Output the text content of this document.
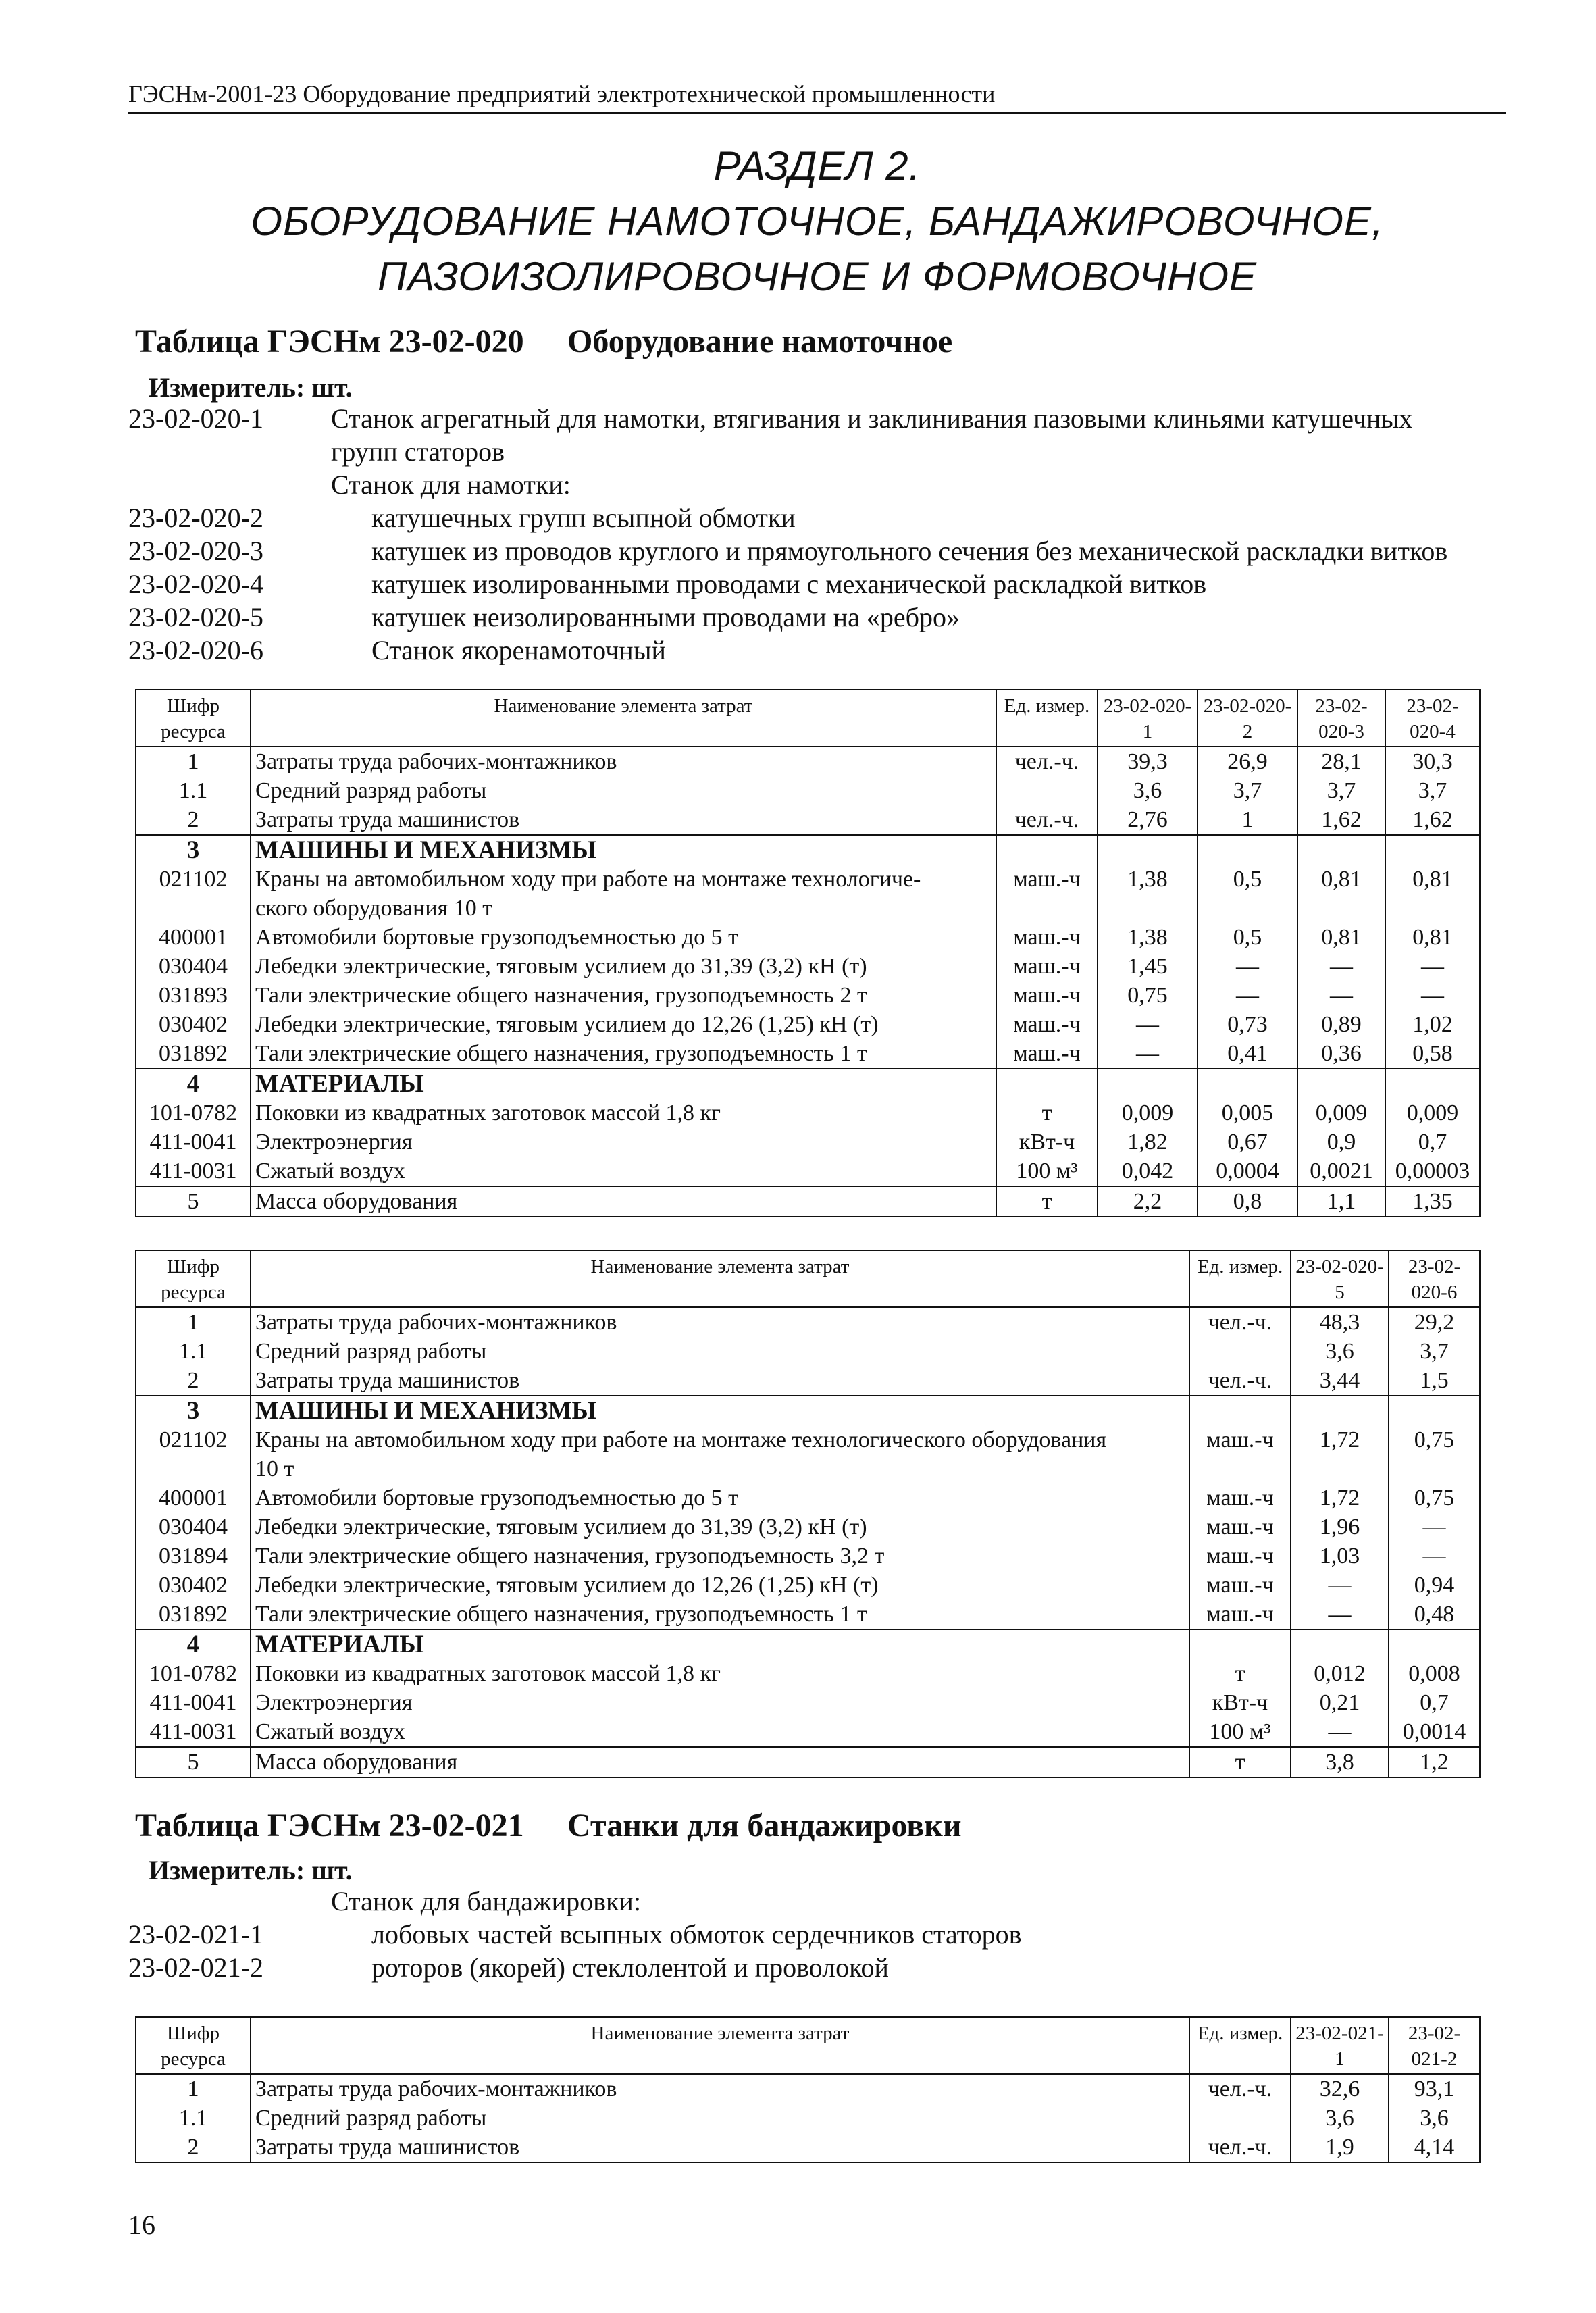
ГЭСНм-2001-23 Оборудование предприятий электротехнической промышленности
РАЗДЕЛ 2.
ОБОРУДОВАНИЕ НАМОТОЧНОЕ, БАНДАЖИРОВОЧНОЕ,
ПАЗОИЗОЛИРОВОЧНОЕ И ФОРМОВОЧНОЕ
Таблица ГЭСНм 23-02-020 Оборудование намоточное
Измеритель: шт.
23-02-020-1	Станок агрегатный для намотки, втягивания и заклинивания пазовыми клиньями катушечных
групп статоров
Станок для намотки:
23-02-020-2	катушечных групп всыпной обмотки
23-02-020-3	катушек из проводов круглого и прямоугольного сечения без механической раскладки витков
23-02-020-4	катушек изолированными проводами с механической раскладкой витков
23-02-020-5	катушек неизолированными проводами на «ребро»
23-02-020-6	Станок якоренамоточный
Шифр ресурса	Наименование элемента затрат	Ед. измер.	23-02-020-1	23-02-020-2	23-02-020-3	23-02-020-4
1	Затраты труда рабочих-монтажников	чел.-ч.	39,3	26,9	28,1	30,3
1.1	Средний разряд работы		3,6	3,7	3,7	3,7
2	Затраты труда машинистов	чел.-ч.	2,76	1	1,62	1,62
3	МАШИНЫ И МЕХАНИЗМЫ					
021102	Краны на автомобильном ходу при работе на монтаже технологиче-	маш.-ч	1,38	0,5	0,81	0,81
	ского оборудования 10 т					
400001	Автомобили бортовые грузоподъемностью до 5 т	маш.-ч	1,38	0,5	0,81	0,81
030404	Лебедки электрические, тяговым усилием до 31,39 (3,2) кН (т)	маш.-ч	1,45	—	—	—
031893	Тали электрические общего назначения, грузоподъемность 2 т	маш.-ч	0,75	—	—	—
030402	Лебедки электрические, тяговым усилием до 12,26 (1,25) кН (т)	маш.-ч	—	0,73	0,89	1,02
031892	Тали электрические общего назначения, грузоподъемность 1 т	маш.-ч	—	0,41	0,36	0,58
4	МАТЕРИАЛЫ					
101-0782	Поковки из квадратных заготовок массой 1,8 кг	т	0,009	0,005	0,009	0,009
411-0041	Электроэнергия	кВт-ч	1,82	0,67	0,9	0,7
411-0031	Сжатый воздух	100 м³	0,042	0,0004	0,0021	0,00003
5	Масса оборудования	т	2,2	0,8	1,1	1,35
Шифр ресурса	Наименование элемента затрат	Ед. измер.	23-02-020-5	23-02-020-6
1	Затраты труда рабочих-монтажников	чел.-ч.	48,3	29,2
1.1	Средний разряд работы		3,6	3,7
2	Затраты труда машинистов	чел.-ч.	3,44	1,5
3	МАШИНЫ И МЕХАНИЗМЫ			
021102	Краны на автомобильном ходу при работе на монтаже технологического оборудования	маш.-ч	1,72	0,75
	10 т			
400001	Автомобили бортовые грузоподъемностью до 5 т	маш.-ч	1,72	0,75
030404	Лебедки электрические, тяговым усилием до 31,39 (3,2) кН (т)	маш.-ч	1,96	—
031894	Тали электрические общего назначения, грузоподъемность 3,2 т	маш.-ч	1,03	—
030402	Лебедки электрические, тяговым усилием до 12,26 (1,25) кН (т)	маш.-ч	—	0,94
031892	Тали электрические общего назначения, грузоподъемность 1 т	маш.-ч	—	0,48
4	МАТЕРИАЛЫ			
101-0782	Поковки из квадратных заготовок массой 1,8 кг	т	0,012	0,008
411-0041	Электроэнергия	кВт-ч	0,21	0,7
411-0031	Сжатый воздух	100 м³	—	0,0014
5	Масса оборудования	т	3,8	1,2
Таблица ГЭСНм 23-02-021 Станки для бандажировки
Измеритель: шт.
Станок для бандажировки:
23-02-021-1	лобовых частей всыпных обмоток сердечников статоров
23-02-021-2	роторов (якорей) стеклолентой и проволокой
Шифр ресурса	Наименование элемента затрат	Ед. измер.	23-02-021-1	23-02-021-2
1	Затраты труда рабочих-монтажников	чел.-ч.	32,6	93,1
1.1	Средний разряд работы		3,6	3,6
2	Затраты труда машинистов	чел.-ч.	1,9	4,14
16
